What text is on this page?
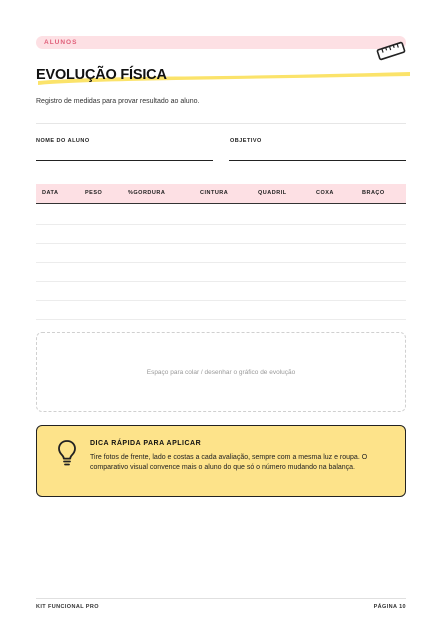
ALUNOS
EVOLUÇÃO FÍSICA
Registro de medidas para provar resultado ao aluno.
NOME DO ALUNO	OBJETIVO
DATA	PESO	%GORDURA	CINTURA	QUADRIL	COXA	BRAÇO
Espaço para colar / desenhar o gráfico de evolução
DICA RÁPIDA PARA APLICAR
Tire fotos de frente, lado e costas a cada avaliação, sempre com a mesma luz e roupa. O comparativo visual convence mais o aluno do que só o número mudando na balança.
KIT FUNCIONAL PRO	PÁGINA 10
